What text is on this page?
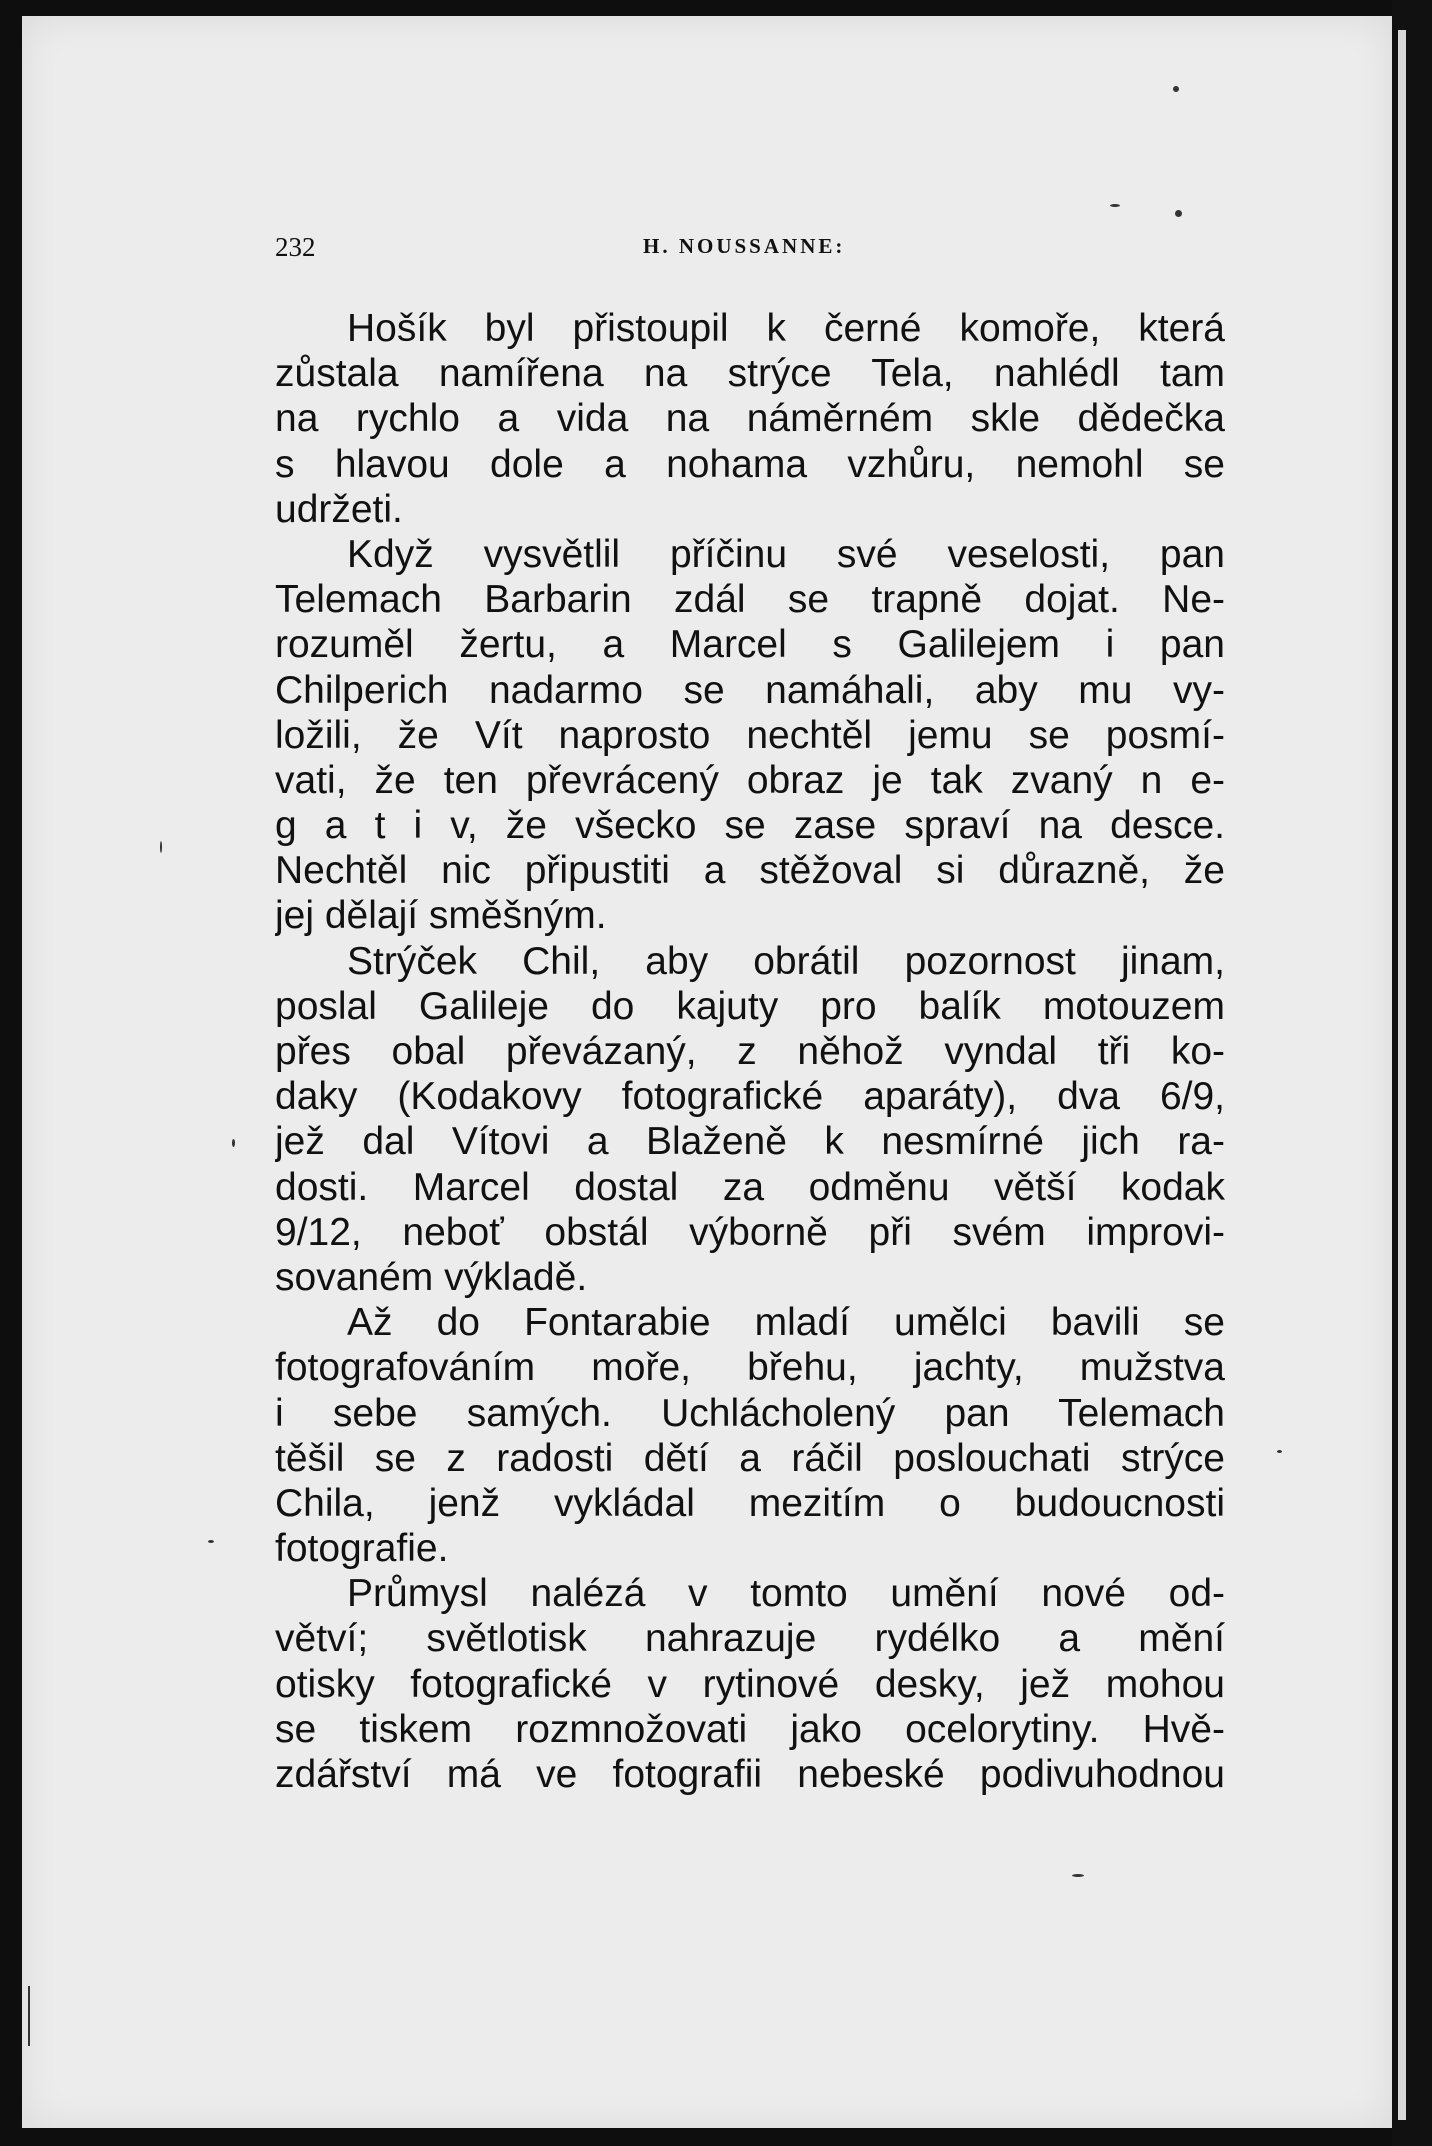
232	H. NOUSSANNE:
Hošík byl přistoupil k černé komoře, která
zůstala namířena na strýce Tela, nahlédl tam
na rychlo a vida na náměrném skle dědečka
s hlavou dole a nohama vzhůru, nemohl se
udržeti.
Když vysvětlil příčinu své veselosti, pan
Telemach Barbarin zdál se trapně dojat. Ne-
rozuměl žertu, a Marcel s Galilejem i pan
Chilperich nadarmo se namáhali, aby mu vy-
ložili, že Vít naprosto nechtěl jemu se posmí-
vati, že ten převrácený obraz je tak zvaný n e-
g a t i v, že všecko se zase spraví na desce.
Nechtěl nic připustiti a stěžoval si důrazně, že
jej dělají směšným.
Strýček Chil, aby obrátil pozornost jinam,
poslal Galileje do kajuty pro balík motouzem
přes obal převázaný, z něhož vyndal tři ko-
daky (Kodakovy fotografické aparáty), dva 6/9,
jež dal Vítovi a Blaženě k nesmírné jich ra-
dosti. Marcel dostal za odměnu větší kodak
9/12, neboť obstál výborně při svém improvi-
sovaném výkladě.
Až do Fontarabie mladí umělci bavili se
fotografováním moře, břehu, jachty, mužstva
i sebe samých. Uchlácholený pan Telemach
těšil se z radosti dětí a ráčil poslouchati strýce
Chila, jenž vykládal mezitím o budoucnosti
fotografie.
Průmysl nalézá v tomto umění nové od-
větví; světlotisk nahrazuje rydélko a mění
otisky fotografické v rytinové desky, jež mohou
se tiskem rozmnožovati jako ocelorytiny. Hvě-
zdářství má ve fotografii nebeské podivuhodnou
